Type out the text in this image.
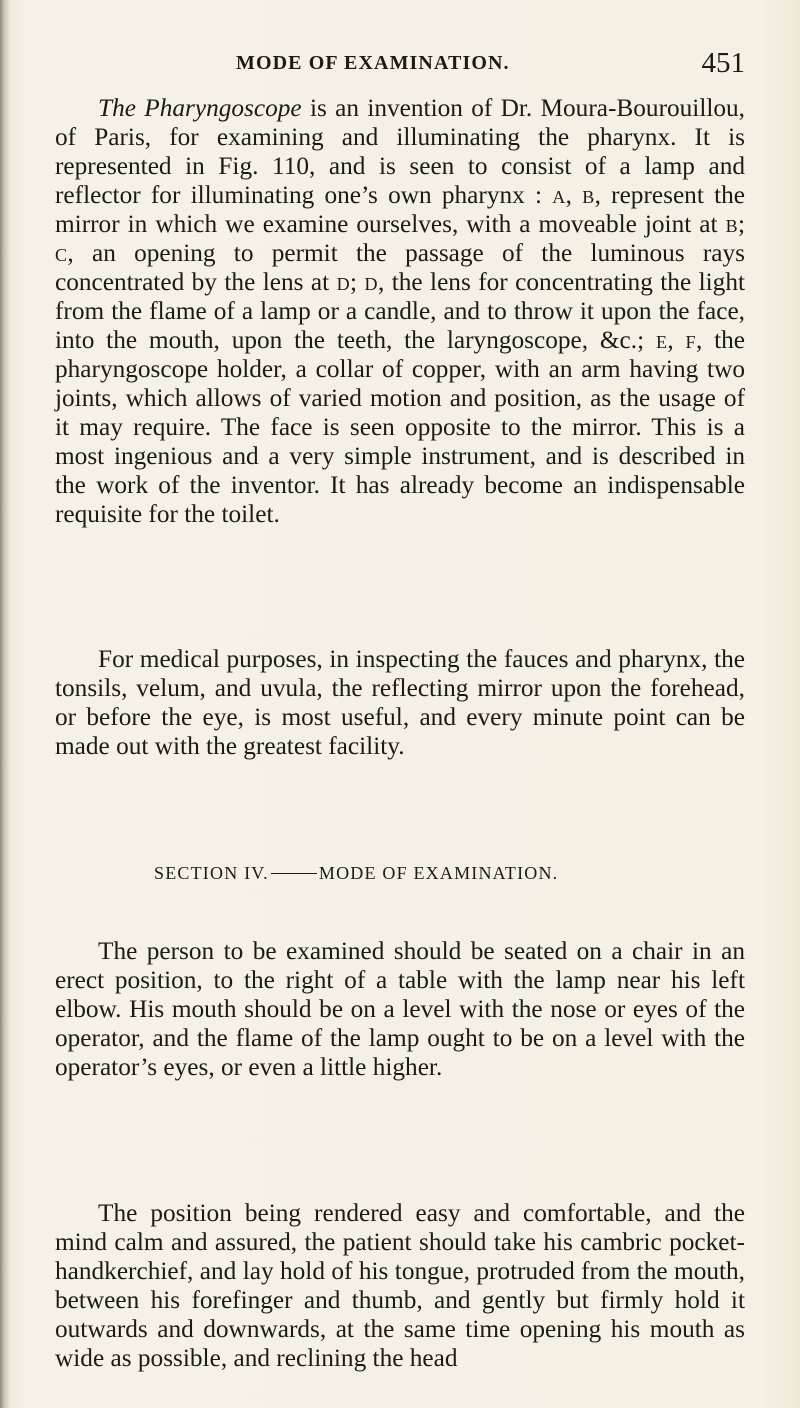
MODE OF EXAMINATION.	451

The Pharyngoscope is an invention of Dr. Moura-Bourouillou, of Paris, for examining and illuminating the pharynx. It is represented in Fig. 110, and is seen to consist of a lamp and reflector for illuminating one’s own pharynx : a, b, represent the mirror in which we examine ourselves, with a moveable joint at b; c, an opening to permit the passage of the luminous rays concentrated by the lens at d; d, the lens for concentrating the light from the flame of a lamp or a candle, and to throw it upon the face, into the mouth, upon the teeth, the laryngoscope, &c.; e, f, the pharyngoscope holder, a collar of copper, with an arm having two joints, which allows of varied motion and position, as the usage of it may require. The face is seen opposite to the mirror. This is a most ingenious and a very simple instrument, and is described in the work of the inventor. It has already become an indispensable requisite for the toilet.

For medical purposes, in inspecting the fauces and pharynx, the tonsils, velum, and uvula, the reflecting mirror upon the forehead, or before the eye, is most useful, and every minute point can be made out with the greatest facility.

SECTION IV.	MODE OF EXAMINATION.

The person to be examined should be seated on a chair in an erect position, to the right of a table with the lamp near his left elbow. His mouth should be on a level with the nose or eyes of the operator, and the flame of the lamp ought to be on a level with the operator’s eyes, or even a little higher.

The position being rendered easy and comfortable, and the mind calm and assured, the patient should take his cambric pocket-handkerchief, and lay hold of his tongue, protruded from the mouth, between his forefinger and thumb, and gently but firmly hold it outwards and downwards, at the same time opening his mouth as wide as possible, and reclining the head
